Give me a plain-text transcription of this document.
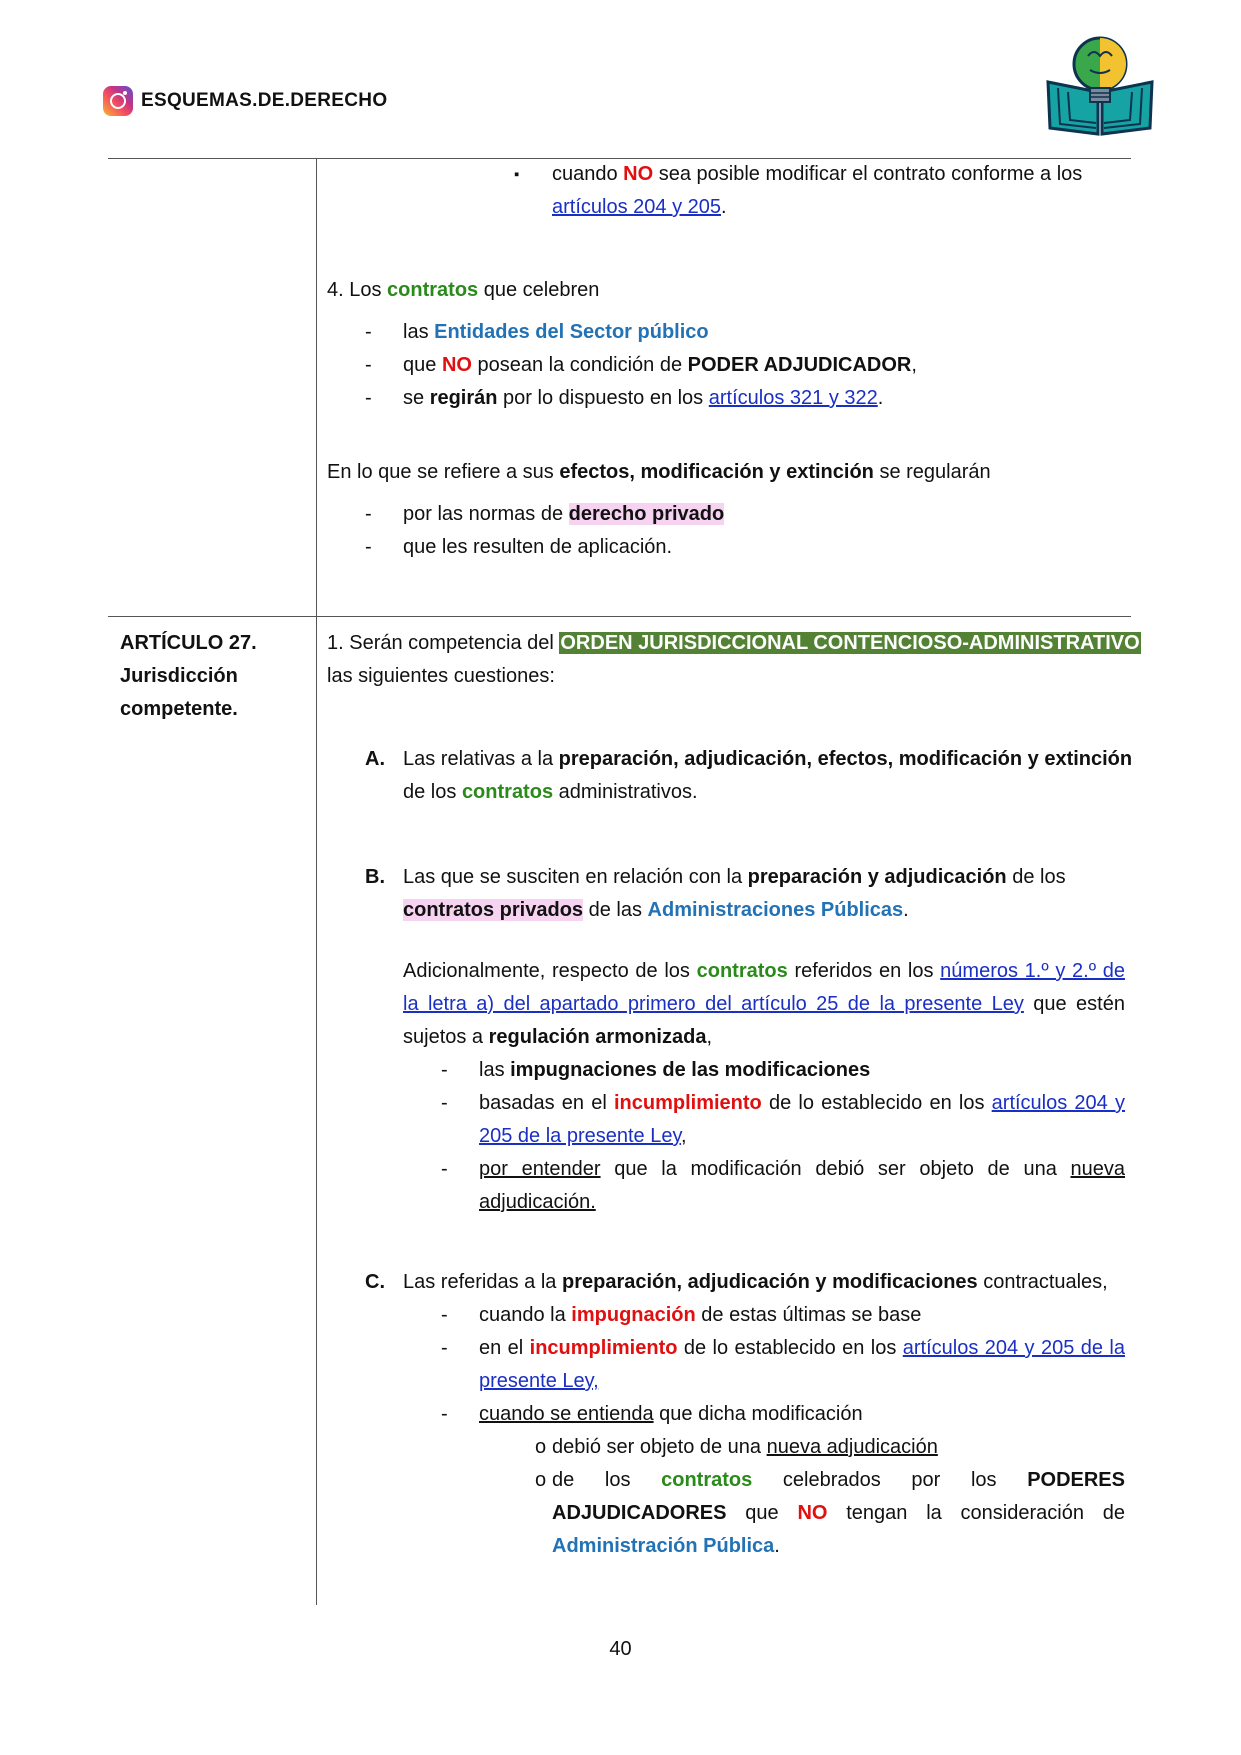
ESQUEMAS.DE.DERECHO
▪ cuando NO sea posible modificar el contrato conforme a los

artículos 204 y 205.

4. Los contratos que celebren

- las Entidades del Sector público

- que NO posean la condición de PODER ADJUDICADOR,

- se regirán por lo dispuesto en los artículos 321 y 322.

En lo que se refiere a sus efectos, modificación y extinción se regularán

- por las normas de derecho privado

- que les resulten de aplicación.

ARTÍCULO 27.
Jurisdicción
competente.

1. Serán competencia del ORDEN JURISDICCIONAL CONTENCIOSO-ADMINISTRATIVO
las siguientes cuestiones:

A. Las relativas a la preparación, adjudicación, efectos, modificación y extinción

de los contratos administrativos.

B. Las que se susciten en relación con la preparación y adjudicación de los

contratos privados de las Administraciones Públicas.

Adicionalmente, respecto de los contratos referidos en los números 1.º y 2.º de la letra a) del apartado primero del artículo 25 de la presente Ley que estén sujetos a regulación armonizada,

- las impugnaciones de las modificaciones

- basadas en el incumplimiento de lo establecido en los artículos 204 y 205 de la presente Ley,

- por entender que la modificación debió ser objeto de una nueva adjudicación.

C. Las referidas a la preparación, adjudicación y modificaciones contractuales,

- cuando la impugnación de estas últimas se base

- en el incumplimiento de lo establecido en los artículos 204 y 205 de la presente Ley,

- cuando se entienda que dicha modificación

o debió ser objeto de una nueva adjudicación

o de los contratos celebrados por los PODERES ADJUDICADORES que NO tengan la consideración de Administración Pública.

40
